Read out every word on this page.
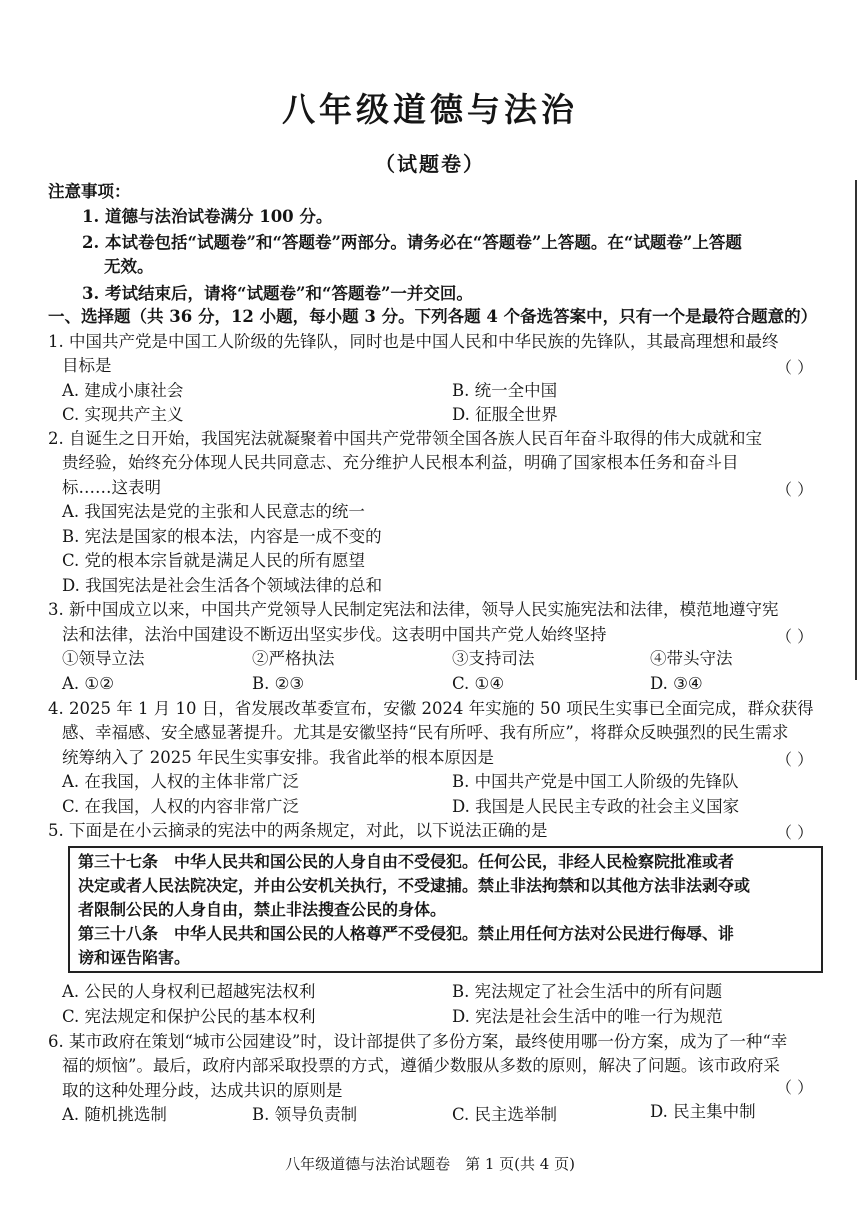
八年级道德与法治
（试题卷）
注意事项：
1. 道德与法治试卷满分 100 分。
2. 本试卷包括“试题卷”和“答题卷”两部分。请务必在“答题卷”上答题。在“试题卷”上答题
无效。
3. 考试结束后，请将“试题卷”和“答题卷”一并交回。
一、选择题（共 36 分，12 小题，每小题 3 分。下列各题 4 个备选答案中，只有一个是最符合题意的）
1. 中国共产党是中国工人阶级的先锋队，同时也是中国人民和中华民族的先锋队，其最高理想和最终
目标是	（ ）
A. 建成小康社会	B. 统一全中国
C. 实现共产主义	D. 征服全世界
2. 自诞生之日开始，我国宪法就凝聚着中国共产党带领全国各族人民百年奋斗取得的伟大成就和宝
贵经验，始终充分体现人民共同意志、充分维护人民根本利益，明确了国家根本任务和奋斗目
标……这表明	（ ）
A. 我国宪法是党的主张和人民意志的统一
B. 宪法是国家的根本法，内容是一成不变的
C. 党的根本宗旨就是满足人民的所有愿望
D. 我国宪法是社会生活各个领域法律的总和
3. 新中国成立以来，中国共产党领导人民制定宪法和法律，领导人民实施宪法和法律，模范地遵守宪
法和法律，法治中国建设不断迈出坚实步伐。这表明中国共产党人始终坚持	（ ）
①领导立法	②严格执法	③支持司法	④带头守法
A. ①②	B. ②③	C. ①④	D. ③④
4. 2025 年 1 月 10 日，省发展改革委宣布，安徽 2024 年实施的 50 项民生实事已全面完成，群众获得
感、幸福感、安全感显著提升。尤其是安徽坚持“民有所呼、我有所应”，将群众反映强烈的民生需求
统筹纳入了 2025 年民生实事安排。我省此举的根本原因是	（ ）
A. 在我国，人权的主体非常广泛	B. 中国共产党是中国工人阶级的先锋队
C. 在我国，人权的内容非常广泛	D. 我国是人民民主专政的社会主义国家
5. 下面是在小云摘录的宪法中的两条规定，对此，以下说法正确的是	（ ）
第三十七条　中华人民共和国公民的人身自由不受侵犯。任何公民，非经人民检察院批准或者
决定或者人民法院决定，并由公安机关执行，不受逮捕。禁止非法拘禁和以其他方法非法剥夺或
者限制公民的人身自由，禁止非法搜查公民的身体。
第三十八条　中华人民共和国公民的人格尊严不受侵犯。禁止用任何方法对公民进行侮辱、诽
谤和诬告陷害。
A. 公民的人身权利已超越宪法权利	B. 宪法规定了社会生活中的所有问题
C. 宪法规定和保护公民的基本权利	D. 宪法是社会生活中的唯一行为规范
6. 某市政府在策划“城市公园建设”时，设计部提供了多份方案，最终使用哪一份方案，成为了一种“幸
福的烦恼”。最后，政府内部采取投票的方式，遵循少数服从多数的原则，解决了问题。该市政府采
取的这种处理分歧，达成共识的原则是	（ ）
A. 随机挑选制	B. 领导负责制	C. 民主选举制	D. 民主集中制
八年级道德与法治试题卷　第 1 页(共 4 页)
